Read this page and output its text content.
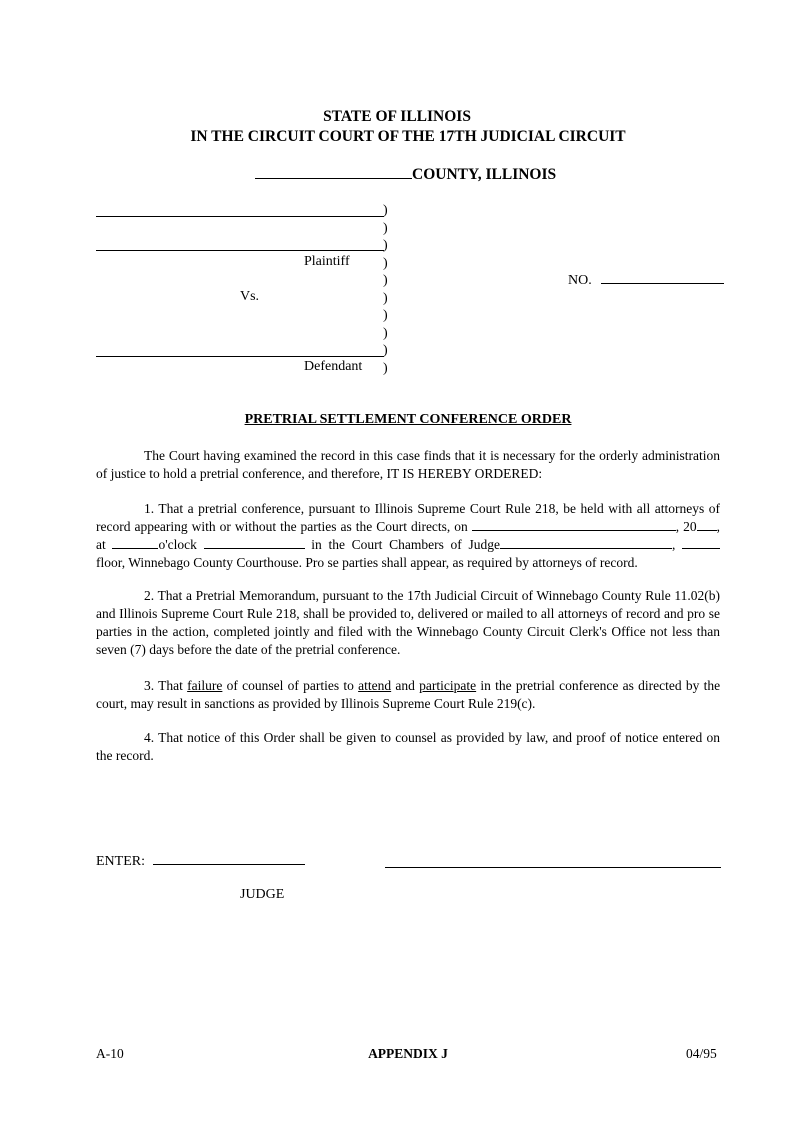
STATE OF ILLINOIS
IN THE CIRCUIT COURT OF THE 17TH JUDICIAL CIRCUIT
COUNTY, ILLINOIS
)
)
)
)
)
)
)
)
)
)
Plaintiff
Vs.
Defendant
NO.
PRETRIAL SETTLEMENT CONFERENCE ORDER
The Court having examined the record in this case finds that it is necessary for the orderly administration of justice to hold a pretrial conference, and therefore, IT IS HEREBY ORDERED:
1. That a pretrial conference, pursuant to Illinois Supreme Court Rule 218, be held with all attorneys of record appearing with or without the parties as the Court directs, on	, 20 , at	o'clock	in the Court Chambers of Judge	,  floor, Winnebago County Courthouse. Pro se parties shall appear, as required by attorneys of record.
2. That a Pretrial Memorandum, pursuant to the 17th Judicial Circuit of Winnebago County Rule 11.02(b) and Illinois Supreme Court Rule 218, shall be provided to, delivered or mailed to all attorneys of record and pro se parties in the action, completed jointly and filed with the Winnebago County Circuit Clerk's Office not less than seven (7) days before the date of the pretrial conference.
3. That failure of counsel of parties to attend and participate in the pretrial conference as directed by the court, may result in sanctions as provided by Illinois Supreme Court Rule 219(c).
4. That notice of this Order shall be given to counsel as provided by law, and proof of notice entered on the record.
ENTER:
JUDGE
A-10	APPENDIX J	04/95
